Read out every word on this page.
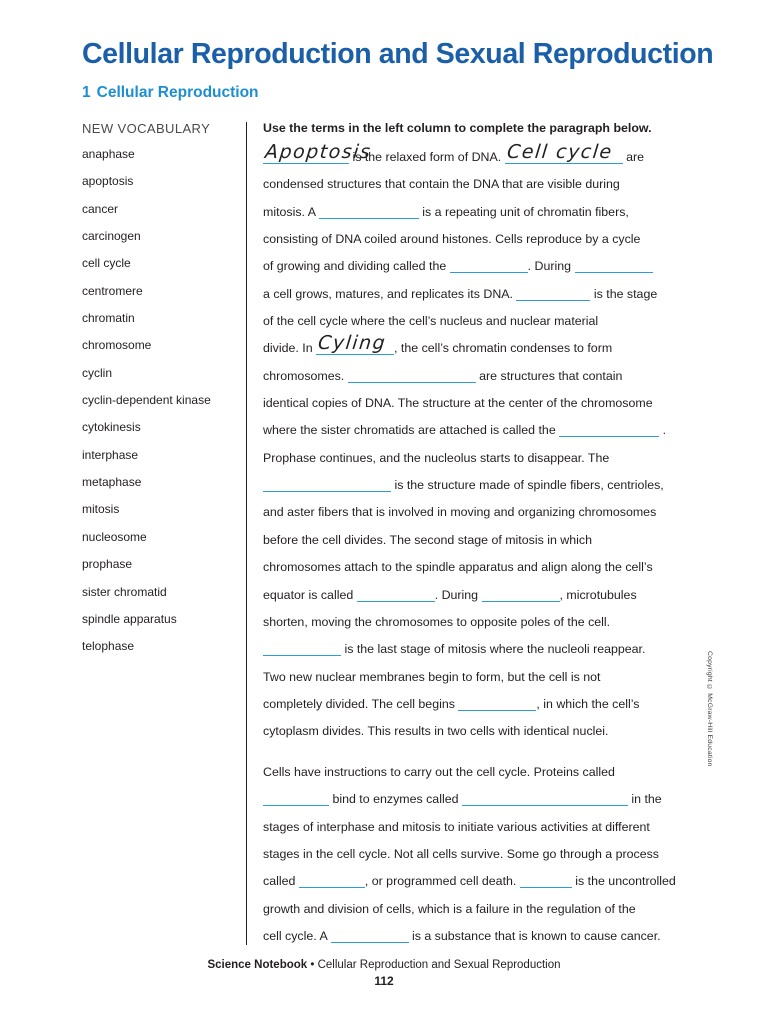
Cellular Reproduction and Sexual Reproduction
1 Cellular Reproduction
NEW VOCABULARY
anaphase
apoptosis
cancer
carcinogen
cell cycle
centromere
chromatin
chromosome
cyclin
cyclin-dependent kinase
cytokinesis
interphase
metaphase
mitosis
nucleosome
prophase
sister chromatid
spindle apparatus
telophase
Use the terms in the left column to complete the paragraph below.
Apoptosis
is the relaxed form of DNA. Cell cycle are
condensed structures that contain the DNA that are visible during
mitosis. A	is a repeating unit of chromatin fibers,
consisting of DNA coiled around histones. Cells reproduce by a cycle
of growing and dividing called the	. During
a cell grows, matures, and replicates its DNA.	is the stage
of the cell cycle where the cell’s nucleus and nuclear material
divide. In Cyling , the cell’s chromatin condenses to form
chromosomes.	are structures that contain
identical copies of DNA. The structure at the center of the chromosome
where the sister chromatids are attached is called the	.
Prophase continues, and the nucleolus starts to disappear. The
is the structure made of spindle fibers, centrioles,
and aster fibers that is involved in moving and organizing chromosomes
before the cell divides. The second stage of mitosis in which
chromosomes attach to the spindle apparatus and align along the cell’s
equator is called	. During	, microtubules
shorten, moving the chromosomes to opposite poles of the cell.
is the last stage of mitosis where the nucleoli reappear.
Two new nuclear membranes begin to form, but the cell is not
completely divided. The cell begins	, in which the cell’s
cytoplasm divides. This results in two cells with identical nuclei.
Cells have instructions to carry out the cell cycle. Proteins called
bind to enzymes called	in the
stages of interphase and mitosis to initiate various activities at different
stages in the cell cycle. Not all cells survive. Some go through a process
called	, or programmed cell death.	is the uncontrolled
growth and division of cells, which is a failure in the regulation of the
cell cycle. A	is a substance that is known to cause cancer.
Copyright © McGraw-Hill Education
Science Notebook • Cellular Reproduction and Sexual Reproduction
112
